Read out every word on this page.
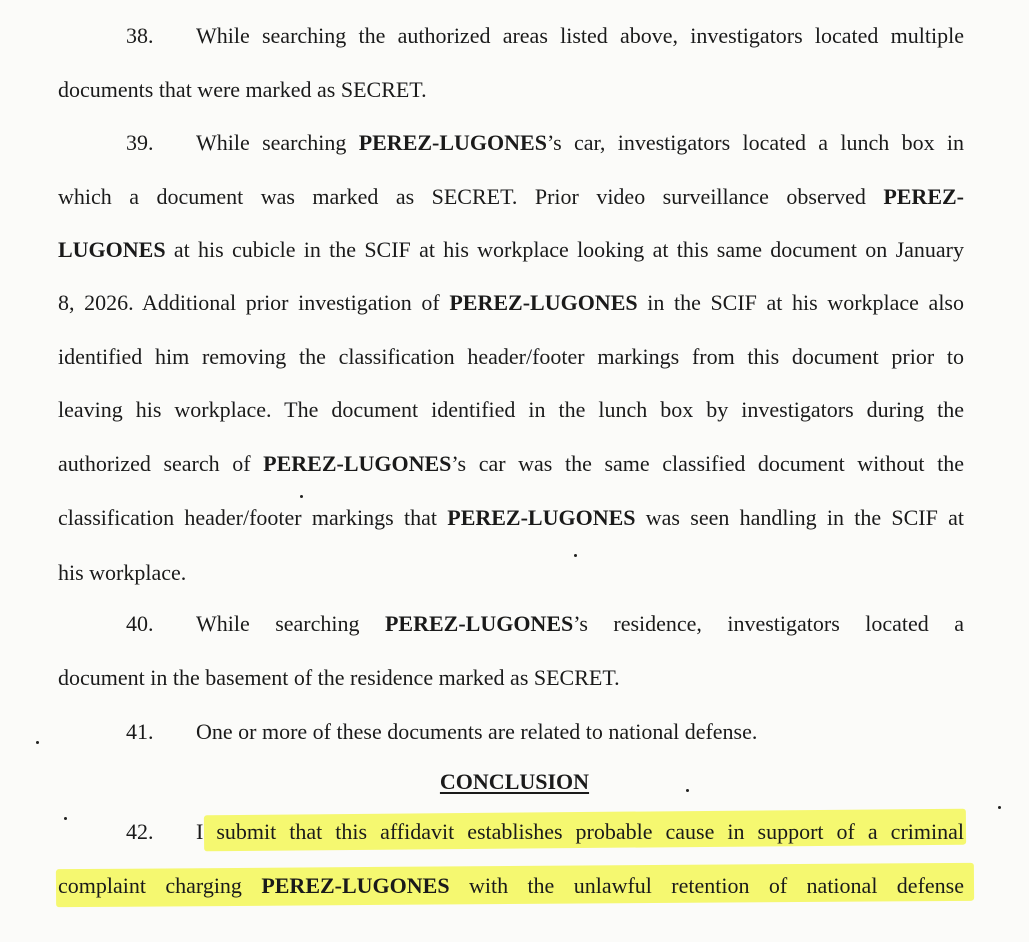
38. While searching the authorized areas listed above, investigators located multiple
documents that were marked as SECRET.
39. While searching PEREZ-LUGONES’s car, investigators located a lunch box in
which a document was marked as SECRET. Prior video surveillance observed PEREZ-
LUGONES at his cubicle in the SCIF at his workplace looking at this same document on January
8, 2026. Additional prior investigation of PEREZ-LUGONES in the SCIF at his workplace also
identified him removing the classification header/footer markings from this document prior to
leaving his workplace. The document identified in the lunch box by investigators during the
authorized search of PEREZ-LUGONES’s car was the same classified document without the
classification header/footer markings that PEREZ-LUGONES was seen handling in the SCIF at
his workplace.
40. While searching PEREZ-LUGONES’s residence, investigators located a
document in the basement of the residence marked as SECRET.
41. One or more of these documents are related to national defense.
CONCLUSION
42. I submit that this affidavit establishes probable cause in support of a criminal
complaint charging PEREZ-LUGONES with the unlawful retention of national defense
